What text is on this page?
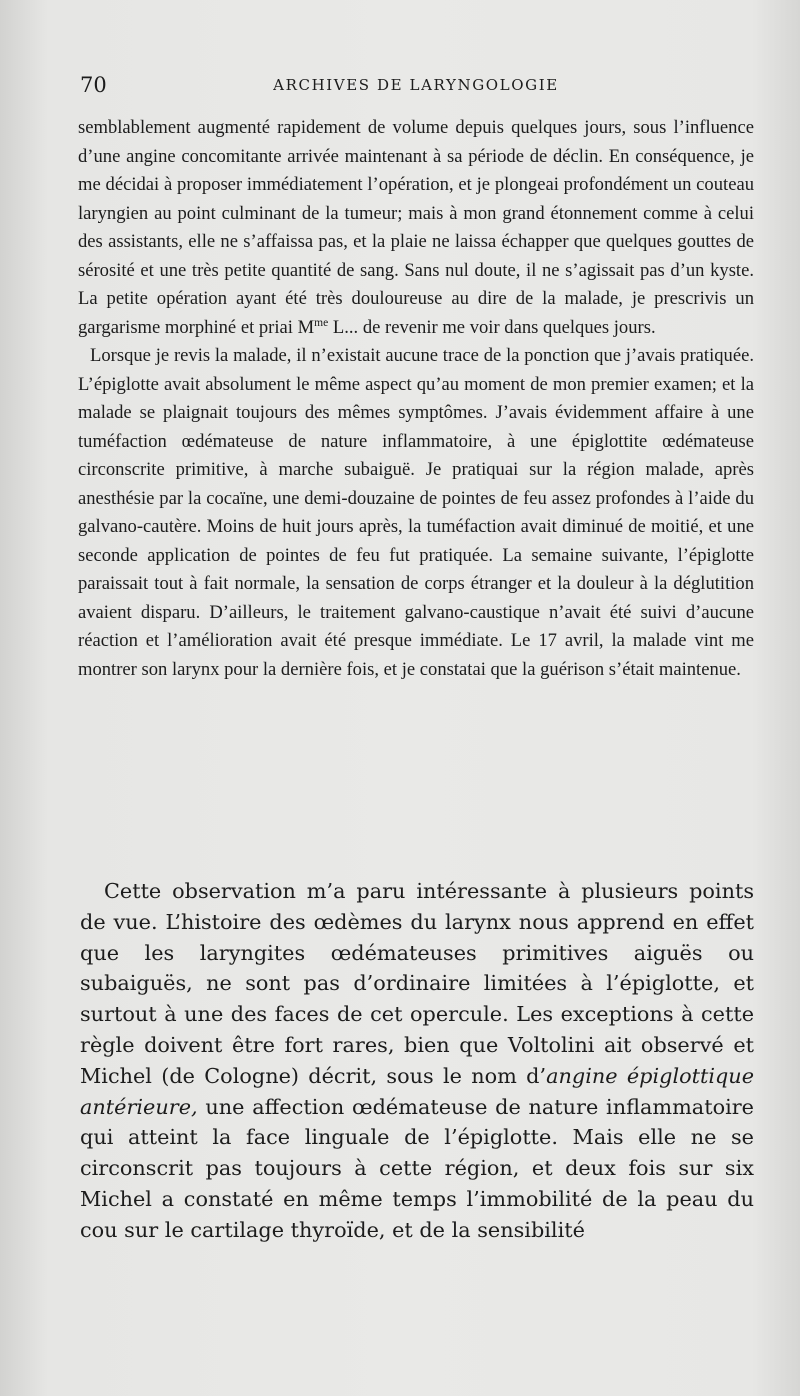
70	ARCHIVES DE LARYNGOLOGIE

semblablement augmenté rapidement de volume depuis quelques jours, sous l’influence d’une angine concomitante arrivée maintenant à sa période de déclin. En conséquence, je me décidai à proposer immédiatement l’opération, et je plongeai profondément un couteau laryngien au point culminant de la tumeur; mais à mon grand étonnement comme à celui des assistants, elle ne s’affaissa pas, et la plaie ne laissa échapper que quelques gouttes de sérosité et une très petite quantité de sang. Sans nul doute, il ne s’agissait pas d’un kyste. La petite opération ayant été très douloureuse au dire de la malade, je prescrivis un gargarisme morphiné et priai $M^{me}$ L... de revenir me voir dans quelques jours.

Lorsque je revis la malade, il n’existait aucune trace de la ponction que j’avais pratiquée. L’épiglotte avait absolument le même aspect qu’au moment de mon premier examen; et la malade se plaignait toujours des mêmes symptômes. J’avais évidemment affaire à une tuméfaction œdémateuse de nature inflammatoire, à une épiglottite œdémateuse circonscrite primitive, à marche subaiguë. Je pratiquai sur la région malade, après anesthésie par la cocaïne, une demi-douzaine de pointes de feu assez profondes à l’aide du galvano-cautère. Moins de huit jours après, la tuméfaction avait diminué de moitié, et une seconde application de pointes de feu fut pratiquée. La semaine suivante, l’épiglotte paraissait tout à fait normale, la sensation de corps étranger et la douleur à la déglutition avaient disparu. D’ailleurs, le traitement galvano-caustique n’avait été suivi d’aucune réaction et l’amélioration avait été presque immédiate. Le 17 avril, la malade vint me montrer son larynx pour la dernière fois, et je constatai que la guérison s’était maintenue.

Cette observation m’a paru intéressante à plusieurs points de vue. L’histoire des œdèmes du larynx nous apprend en effet que les laryngites œdémateuses primitives aiguës ou subaiguës, ne sont pas d’ordinaire limitées à l’épiglotte, et surtout à une des faces de cet opercule. Les exceptions à cette règle doivent être fort rares, bien que Voltolini ait observé et Michel (de Cologne) décrit, sous le nom d’angine épiglottique antérieure, une affection œdémateuse de nature inflammatoire qui atteint la face linguale de l’épiglotte. Mais elle ne se circonscrit pas toujours à cette région, et deux fois sur six Michel a constaté en même temps l’immobilité de la peau du cou sur le cartilage thyroïde, et de la sensibilité
